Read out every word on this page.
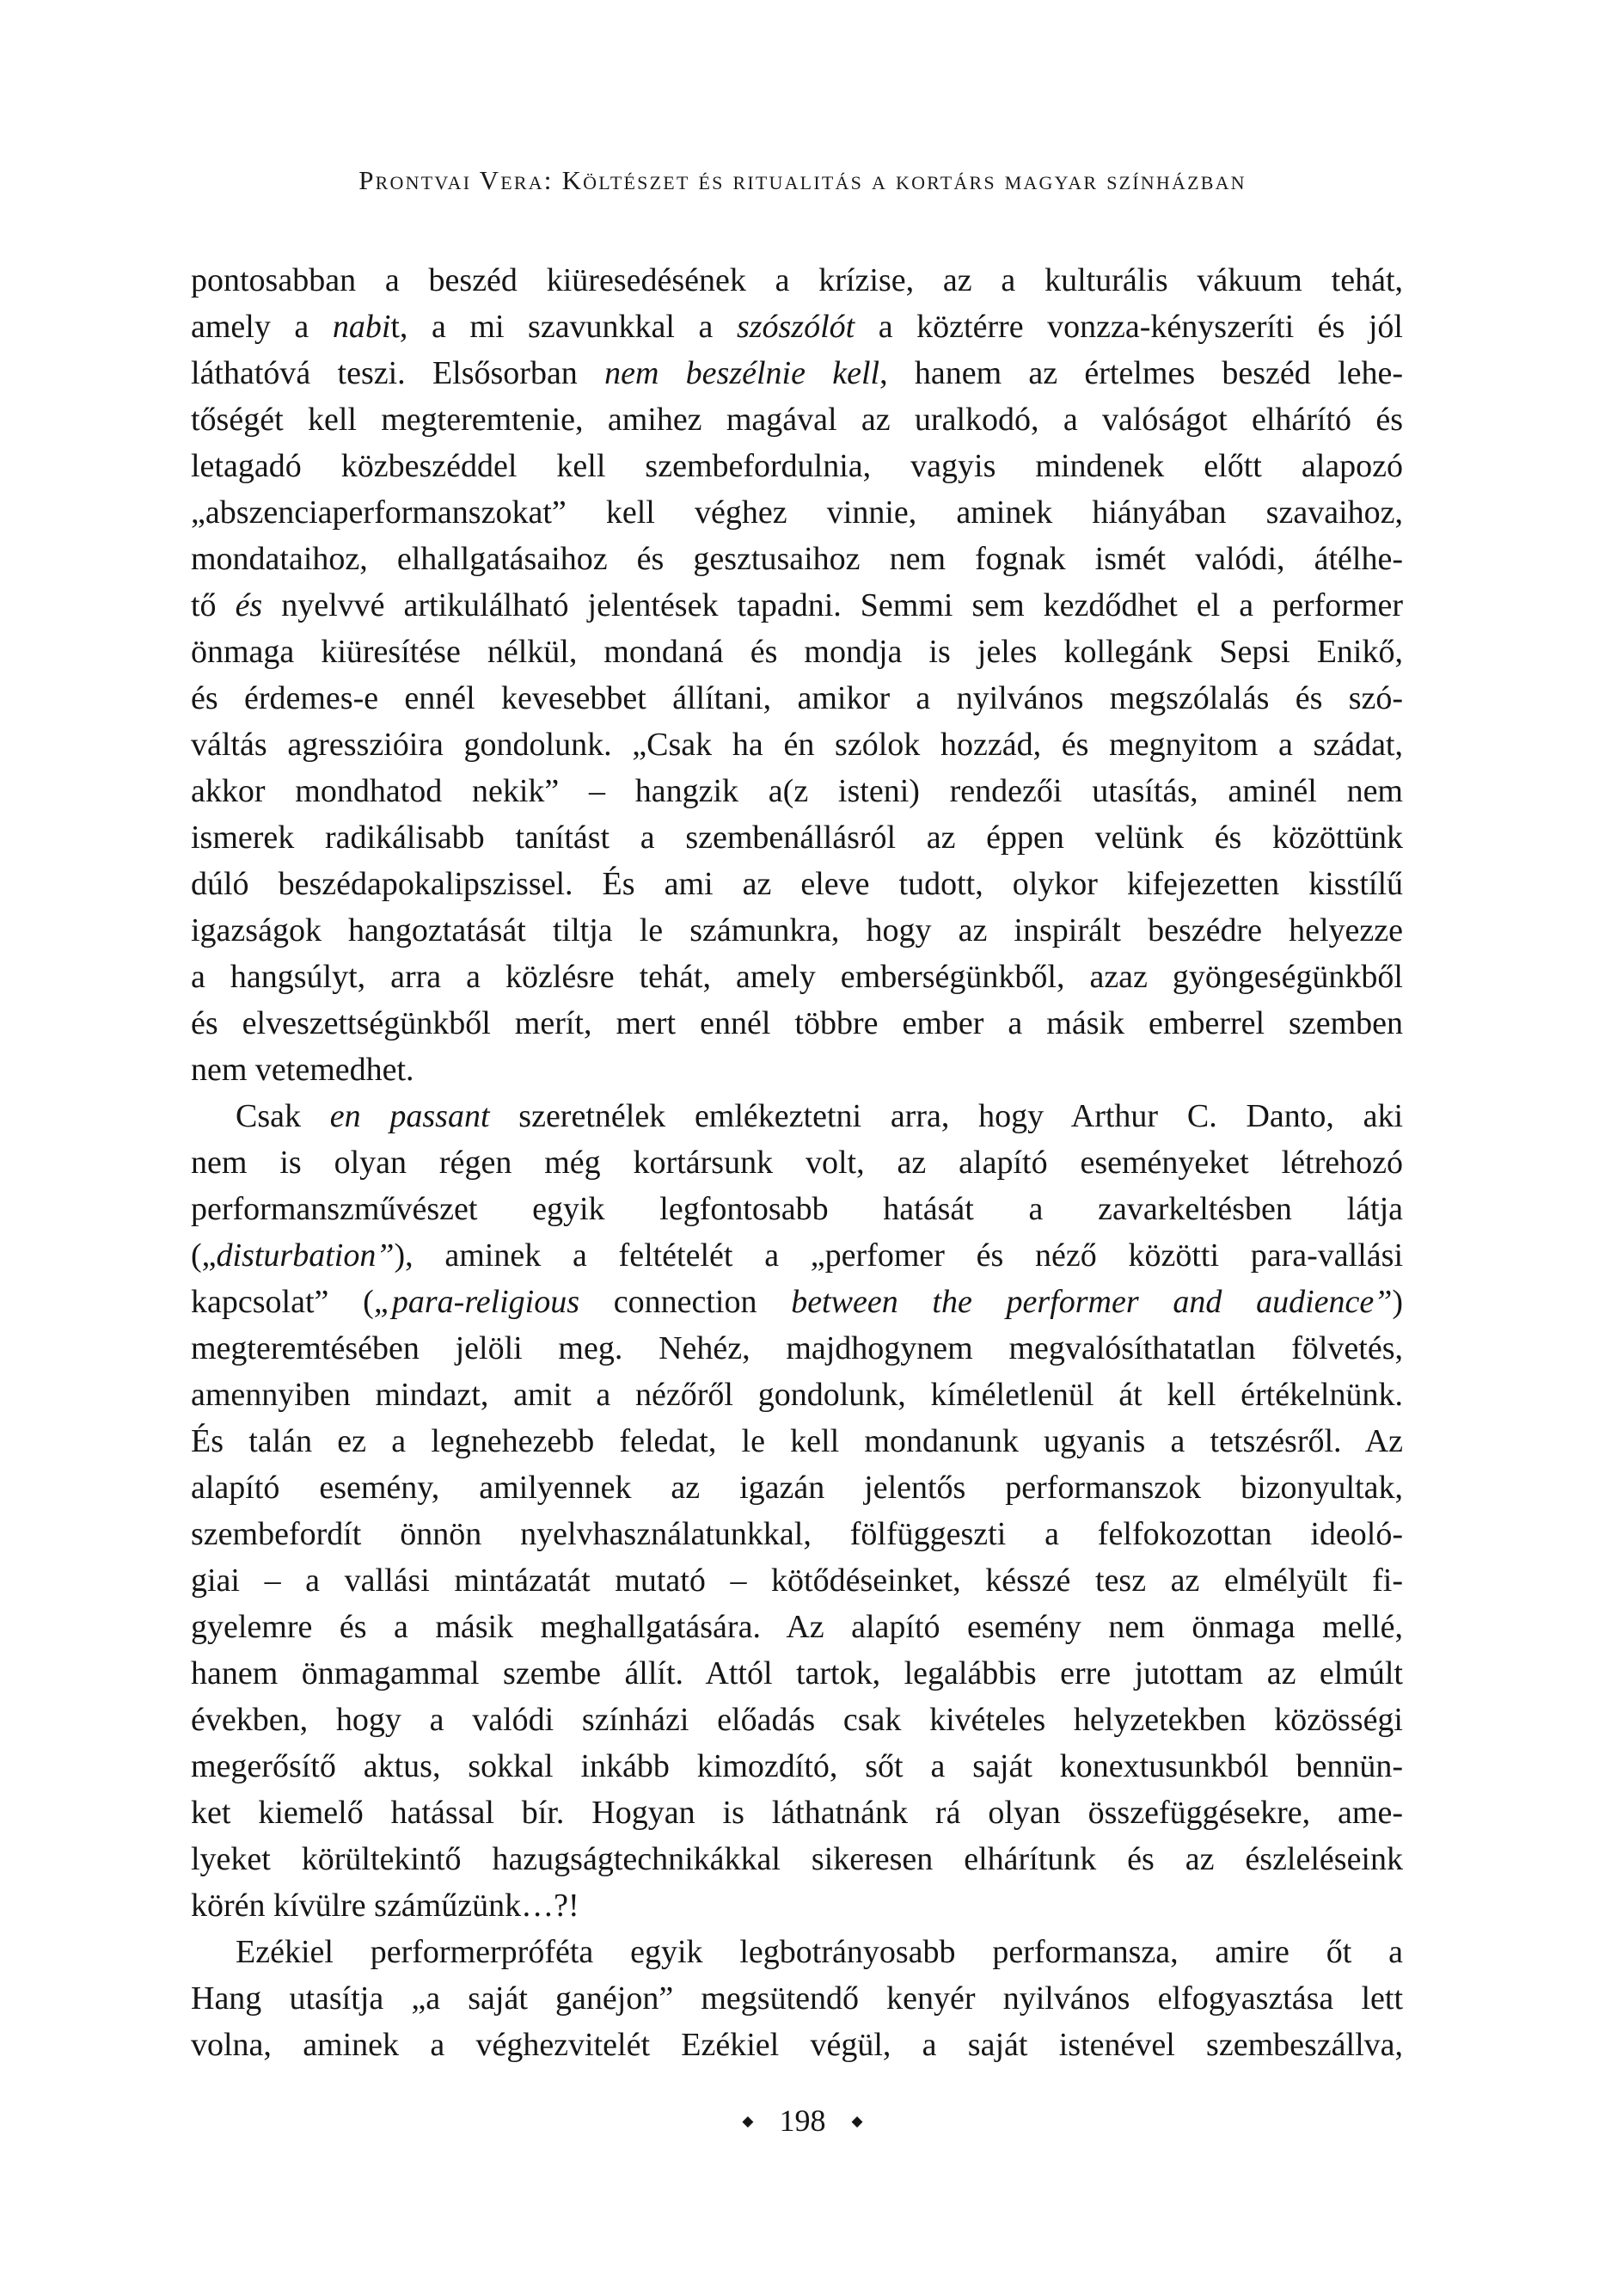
Prontvai Vera: Költészet és ritualitás a kortárs magyar színházban
pontosabban a beszéd kiüresedésének a krízise, az a kulturális vákuum tehát,
amely a nabit, a mi szavunkkal a szószólót a köztérre vonzza-kényszeríti és jól
láthatóvá teszi. Elsősorban nem beszélnie kell, hanem az értelmes beszéd lehe-
tőségét kell megteremtenie, amihez magával az uralkodó, a valóságot elhárító és
letagadó közbeszéddel kell szembefordulnia, vagyis mindenek előtt alapozó
„abszenciaperformanszokat” kell véghez vinnie, aminek hiányában szavaihoz,
mondataihoz, elhallgatásaihoz és gesztusaihoz nem fognak ismét valódi, átélhe-
tő és nyelvvé artikulálható jelentések tapadni. Semmi sem kezdődhet el a performer
önmaga kiüresítése nélkül, mondaná és mondja is jeles kollegánk Sepsi Enikő,
és érdemes-e ennél kevesebbet állítani, amikor a nyilvános megszólalás és szó-
váltás agresszióira gondolunk. „Csak ha én szólok hozzád, és megnyitom a szádat,
akkor mondhatod nekik” – hangzik a(z isteni) rendezői utasítás, aminél nem
ismerek radikálisabb tanítást a szembenállásról az éppen velünk és közöttünk
dúló beszédapokalipszissel. És ami az eleve tudott, olykor kifejezetten kisstílű
igazságok hangoztatását tiltja le számunkra, hogy az inspirált beszédre helyezze
a hangsúlyt, arra a közlésre tehát, amely emberségünkből, azaz gyöngeségünkből
és elveszettségünkből merít, mert ennél többre ember a másik emberrel szemben
nem vetemedhet.
Csak en passant szeretnélek emlékeztetni arra, hogy Arthur C. Danto, aki
nem is olyan régen még kortársunk volt, az alapító eseményeket létrehozó
performanszművészet egyik legfontosabb hatását a zavarkeltésben látja
(„disturbation”), aminek a feltételét a „perfomer és néző közötti para-vallási
kapcsolat” („para-religious connection between the performer and audience”)
megteremtésében jelöli meg. Nehéz, majdhogynem megvalósíthatatlan fölvetés,
amennyiben mindazt, amit a nézőről gondolunk, kíméletlenül át kell értékelnünk.
És talán ez a legnehezebb feledat, le kell mondanunk ugyanis a tetszésről. Az
alapító esemény, amilyennek az igazán jelentős performanszok bizonyultak,
szembefordít önnön nyelvhasználatunkkal, fölfüggeszti a felfokozottan ideoló-
giai – a vallási mintázatát mutató – kötődéseinket, késszé tesz az elmélyült fi-
gyelemre és a másik meghallgatására. Az alapító esemény nem önmaga mellé,
hanem önmagammal szembe állít. Attól tartok, legalábbis erre jutottam az elmúlt
években, hogy a valódi színházi előadás csak kivételes helyzetekben közösségi
megerősítő aktus, sokkal inkább kimozdító, sőt a saját konextusunkból bennün-
ket kiemelő hatással bír. Hogyan is láthatnánk rá olyan összefüggésekre, ame-
lyeket körültekintő hazugságtechnikákkal sikeresen elhárítunk és az észleléseink
körén kívülre száműzünk…?!
Ezékiel performerpróféta egyik legbotrányosabb performansza, amire őt a
Hang utasítja „a saját ganéjon” megsütendő kenyér nyilvános elfogyasztása lett
volna, aminek a véghezvitelét Ezékiel végül, a saját istenével szembeszállva,
◆ 198 ◆
